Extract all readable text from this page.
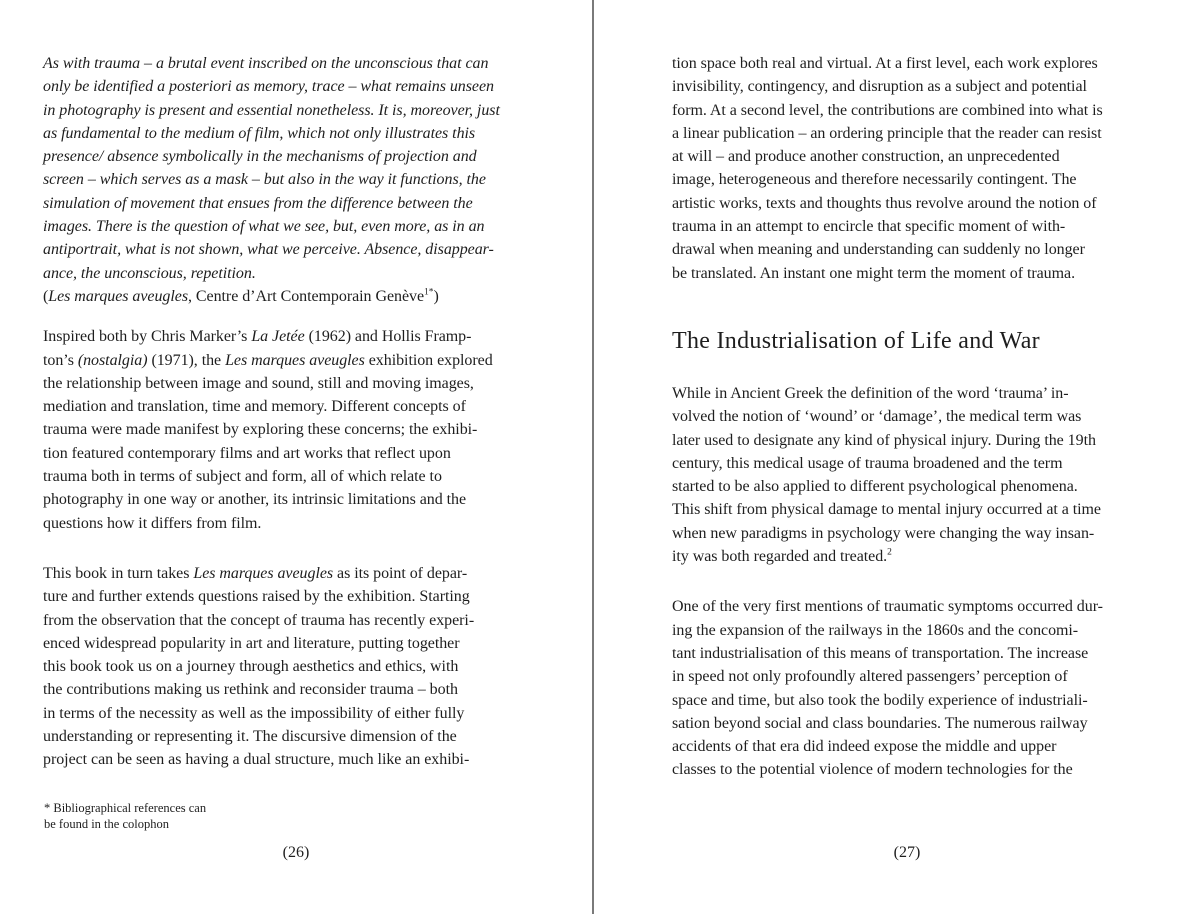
As with trauma – a brutal event inscribed on the unconscious that can
only be identified a posteriori as memory, trace – what remains unseen
in photography is present and essential nonetheless. It is, moreover, just
as fundamental to the medium of film, which not only illustrates this
presence/ absence symbolically in the mechanisms of projection and
screen – which serves as a mask – but also in the way it functions, the
simulation of movement that ensues from the difference between the
images. There is the question of what we see, but, even more, as in an
antiportrait, what is not shown, what we perceive. Absence, disappear-
ance, the unconscious, repetition.
(Les marques aveugles, Centre d’Art Contemporain Genève$^{1*}$)
Inspired both by Chris Marker’s La Jetée (1962) and Hollis Framp-
ton’s (nostalgia) (1971), the Les marques aveugles exhibition explored
the relationship between image and sound, still and moving images,
mediation and translation, time and memory. Different concepts of
trauma were made manifest by exploring these concerns; the exhibi-
tion featured contemporary films and art works that reflect upon
trauma both in terms of subject and form, all of which relate to
photography in one way or another, its intrinsic limitations and the
questions how it differs from film.
This book in turn takes Les marques aveugles as its point of depar-
ture and further extends questions raised by the exhibition. Starting
from the observation that the concept of trauma has recently experi-
enced widespread popularity in art and literature, putting together
this book took us on a journey through aesthetics and ethics, with
the contributions making us rethink and reconsider trauma – both
in terms of the necessity as well as the impossibility of either fully
understanding or representing it. The discursive dimension of the
project can be seen as having a dual structure, much like an exhibi-
* Bibliographical references can
be found in the colophon
(26)
tion space both real and virtual. At a first level, each work explores
invisibility, contingency, and disruption as a subject and potential
form. At a second level, the contributions are combined into what is
a linear publication – an ordering principle that the reader can resist
at will – and produce another construction, an unprecedented
image, heterogeneous and therefore necessarily contingent. The
artistic works, texts and thoughts thus revolve around the notion of
trauma in an attempt to encircle that specific moment of with-
drawal when meaning and understanding can suddenly no longer
be translated. An instant one might term the moment of trauma.
The Industrialisation of Life and War
While in Ancient Greek the definition of the word ‘trauma’ in-
volved the notion of ‘wound’ or ‘damage’, the medical term was
later used to designate any kind of physical injury. During the 19th
century, this medical usage of trauma broadened and the term
started to be also applied to different psychological phenomena.
This shift from physical damage to mental injury occurred at a time
when new paradigms in psychology were changing the way insan-
ity was both regarded and treated.$^2$
One of the very first mentions of traumatic symptoms occurred dur-
ing the expansion of the railways in the 1860s and the concomi-
tant industrialisation of this means of transportation. The increase
in speed not only profoundly altered passengers’ perception of
space and time, but also took the bodily experience of industriali-
sation beyond social and class boundaries. The numerous railway
accidents of that era did indeed expose the middle and upper
classes to the potential violence of modern technologies for the
(27)
